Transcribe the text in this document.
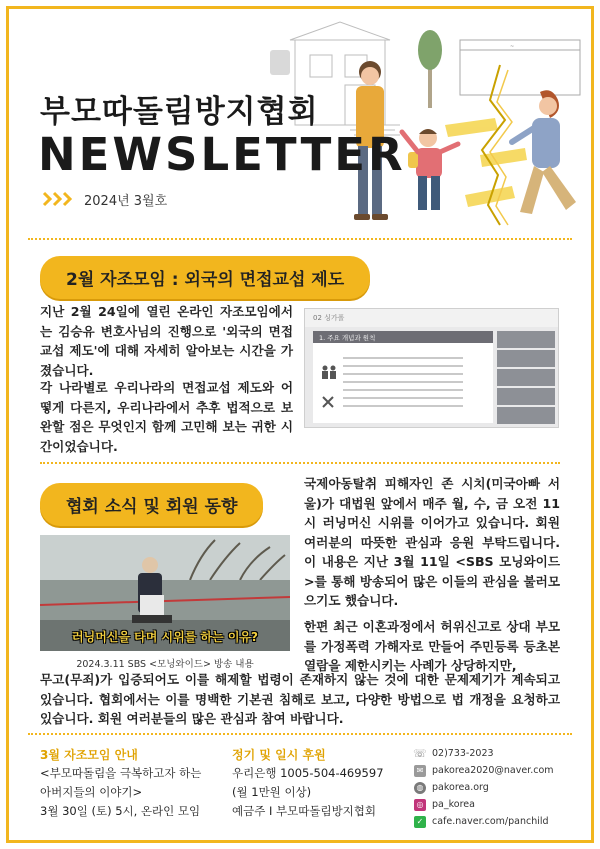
~
부모따돌림방지협회
NEWSLETTER
2024년 3월호
2월 자조모임 : 외국의 면접교섭 제도
지난 2월 24일에 열린 온라인 자조모임에서는 김승유 변호사님의 진행으로 '외국의 면접교섭 제도'에 대해 자세히 알아보는 시간을 가졌습니다.
각 나라별로 우리나라의 면접교섭 제도와 어떻게 다른지, 우리나라에서 추후 법적으로 보완할 점은 무엇인지 함께 고민해 보는 귀한 시간이었습니다.
02 싱가폴
1. 주요 개념과 원칙
협회 소식 및 회원 동향
러닝머신을 타며 시위를 하는 이유?
2024.3.11 SBS <모닝와이드> 방송 내용
국제아동탈취 피해자인 존 시치(미국아빠 서울)가 대법원 앞에서 매주 월, 수, 금 오전 11시 러닝머신 시위를 이어가고 있습니다. 회원 여러분의 따뜻한 관심과 응원 부탁드립니다. 이 내용은 지난 3월 11일 <SBS 모닝와이드>를 통해 방송되어 많은 이들의 관심을 불러모으기도 했습니다.
한편 최근 이혼과정에서 허위신고로 상대 부모를 가정폭력 가해자로 만들어 주민등록 등초본 열람을 제한시키는 사례가 상당하지만,
무고(무죄)가 입증되어도 이를 해제할 법령이 존재하지 않는 것에 대한 문제제기가 계속되고 있습니다. 협회에서는 이를 명백한 기본권 침해로 보고, 다양한 방법으로 법 개정을 요청하고 있습니다. 회원 여러분들의 많은 관심과 참여 바랍니다.
3월 자조모임 안내
<부모따돌림을 극복하고자 하는
아버지들의 이야기>
3월 30일 (토) 5시, 온라인 모임
정기 및 일시 후원
우리은행 1005-504-469597
(월 1만원 이상)
예금주 I 부모따돌림방지협회
☏ 02)733-2023
✉ pakorea2020@naver.com
◍ pakorea.org
◎ pa_korea
✓ cafe.naver.com/panchild
